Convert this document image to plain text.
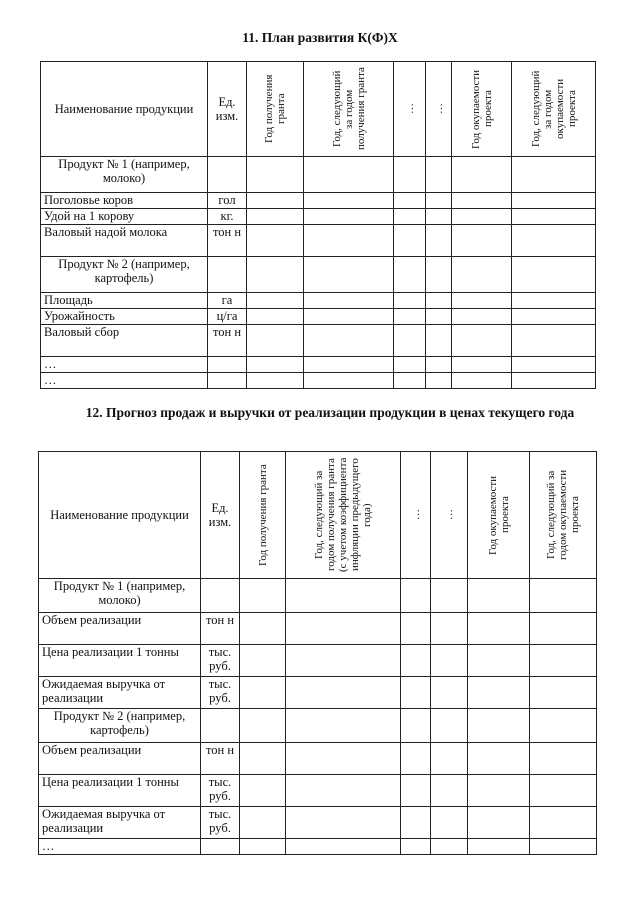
11. План развития К(Ф)Х
Наименование продукции	Ед. изм.	Год получения гранта	Год, следующий за годом получения гранта	…	…	Год окупаемости проекта	Год, следующий за годом окупаемости проекта

Продукт № 1 (например, молоко)							
Поголовье коров	гол						
Удой на 1 корову	кг.						
Валовый надой молока	тон н						
Продукт № 2 (например, картофель)							
Площадь	га						
Урожайность	ц/га						
Валовый сбор	тон н						
…							
…							
12. Прогноз продаж и выручки от реализации продукции в ценах текущего года
Наименование продукции	Ед. изм.	Год получения гранта	Год, следующий за годом получения гранта (с учетом коэффициента инфляции предыдущего года)	…	…	Год окупаемости проекта	Год, следующий за годом окупаемости проекта

Продукт № 1 (например, молоко)							
Объем реализации	тон н						
Цена реализации 1 тонны	тыс. руб.						
Ожидаемая выручка от реализации	тыс. руб.						
Продукт № 2 (например, картофель)							
Объем реализации	тон н						
Цена реализации 1 тонны	тыс. руб.						
Ожидаемая выручка от реализации	тыс. руб.						
…							
